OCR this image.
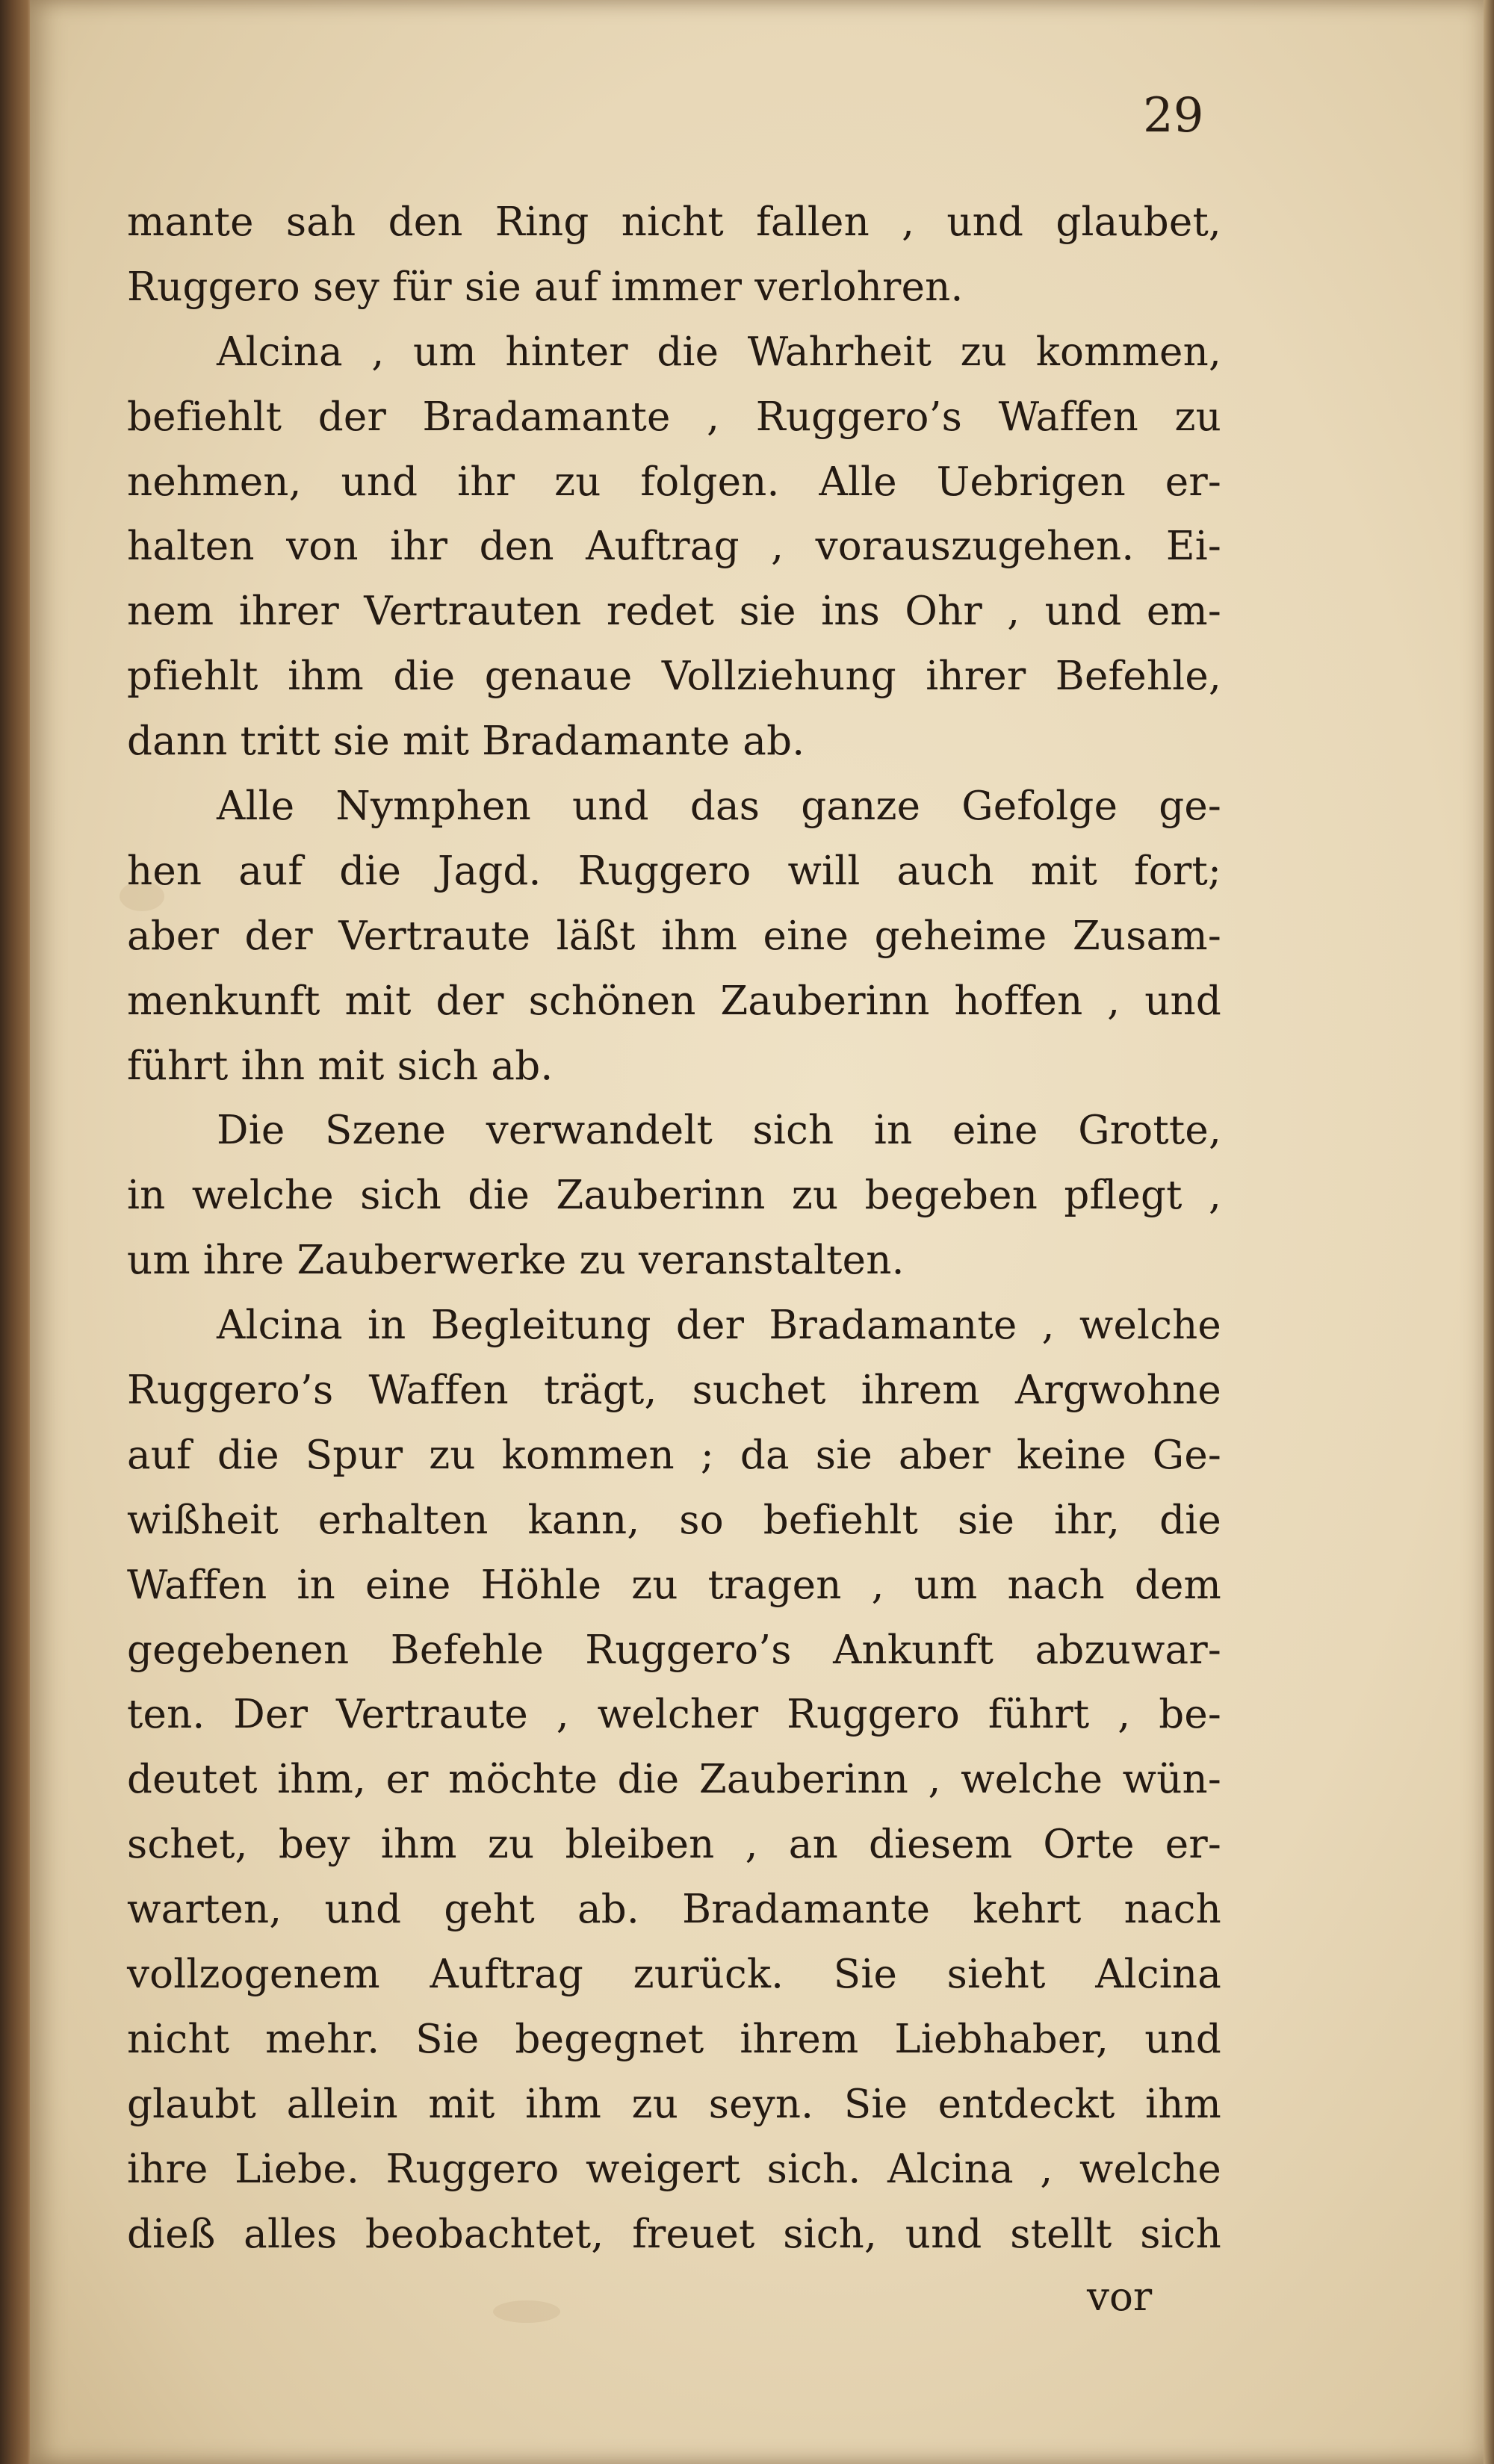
29
mante sah den Ring nicht fallen , und glaubet,
Ruggero sey für sie auf immer verlohren.
Alcina , um hinter die Wahrheit zu kommen,
befiehlt der Bradamante , Ruggero’s Waffen zu
nehmen, und ihr zu folgen. Alle Uebrigen er-
halten von ihr den Auftrag , vorauszugehen. Ei-
nem ihrer Vertrauten redet sie ins Ohr , und em-
pfiehlt ihm die genaue Vollziehung ihrer Befehle,
dann tritt sie mit Bradamante ab.
Alle Nymphen und das ganze Gefolge ge-
hen auf die Jagd. Ruggero will auch mit fort;
aber der Vertraute läßt ihm eine geheime Zusam-
menkunft mit der schönen Zauberinn hoffen , und
führt ihn mit sich ab.
Die Szene verwandelt sich in eine Grotte,
in welche sich die Zauberinn zu begeben pflegt ,
um ihre Zauberwerke zu veranstalten.
Alcina in Begleitung der Bradamante , welche
Ruggero’s Waffen trägt, suchet ihrem Argwohne
auf die Spur zu kommen ; da sie aber keine Ge-
wißheit erhalten kann, so befiehlt sie ihr, die
Waffen in eine Höhle zu tragen , um nach dem
gegebenen Befehle Ruggero’s Ankunft abzuwar-
ten. Der Vertraute , welcher Ruggero führt , be-
deutet ihm, er möchte die Zauberinn , welche wün-
schet, bey ihm zu bleiben , an diesem Orte er-
warten, und geht ab. Bradamante kehrt nach
vollzogenem Auftrag zurück. Sie sieht Alcina
nicht mehr. Sie begegnet ihrem Liebhaber, und
glaubt allein mit ihm zu seyn. Sie entdeckt ihm
ihre Liebe. Ruggero weigert sich. Alcina , welche
dieß alles beobachtet, freuet sich, und stellt sich
vor
